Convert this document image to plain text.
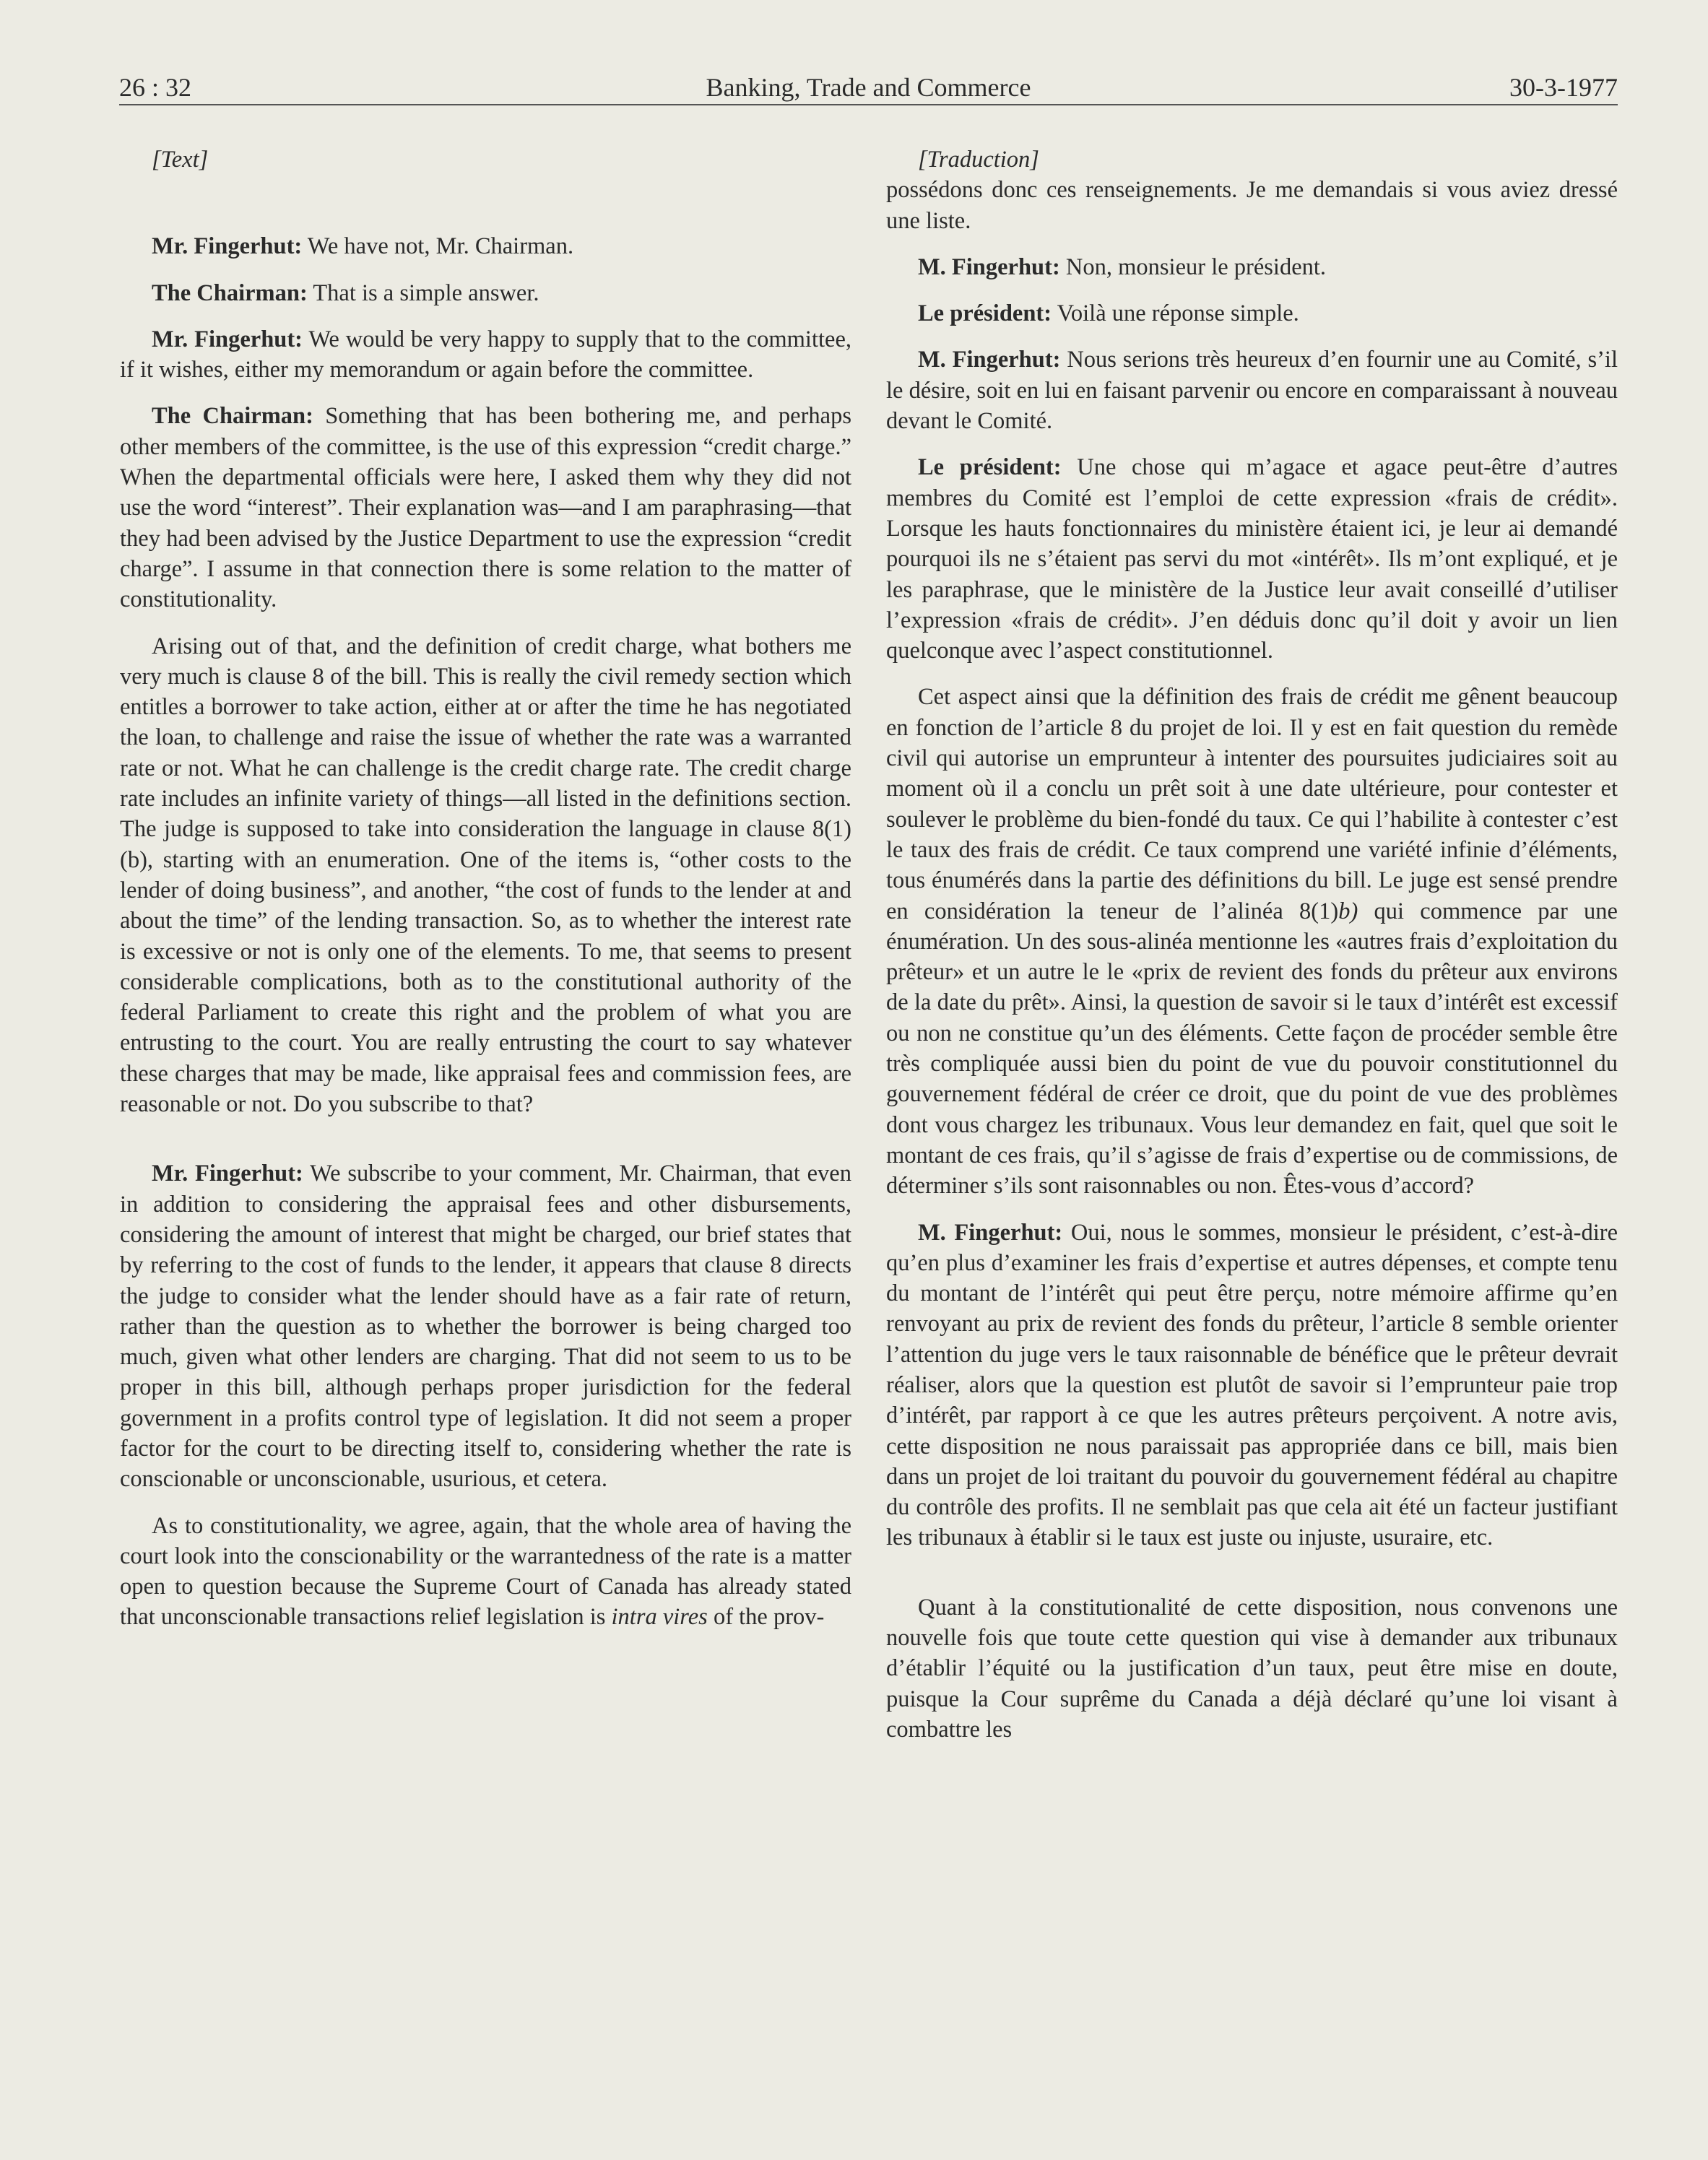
26 : 32	Banking, Trade and Commerce	30-3-1977

[Text]

Mr. Fingerhut: We have not, Mr. Chairman.

The Chairman: That is a simple answer.

Mr. Fingerhut: We would be very happy to supply that to the committee, if it wishes, either my memorandum or again before the committee.

The Chairman: Something that has been bothering me, and perhaps other members of the committee, is the use of this expression “credit charge.” When the departmental officials were here, I asked them why they did not use the word “interest”. Their explanation was—and I am paraphrasing—that they had been advised by the Justice Department to use the expression “credit charge”. I assume in that connection there is some relation to the matter of constitutionality.

Arising out of that, and the definition of credit charge, what bothers me very much is clause 8 of the bill. This is really the civil remedy section which entitles a borrower to take action, either at or after the time he has negotiated the loan, to challenge and raise the issue of whether the rate was a warranted rate or not. What he can challenge is the credit charge rate. The credit charge rate includes an infinite variety of things—all listed in the definitions section. The judge is supposed to take into consideration the language in clause 8(1)(b), starting with an enumeration. One of the items is, “other costs to the lender of doing business”, and another, “the cost of funds to the lender at and about the time” of the lending transaction. So, as to whether the interest rate is excessive or not is only one of the elements. To me, that seems to present considerable complications, both as to the constitutional authority of the federal Parliament to create this right and the problem of what you are entrusting to the court. You are really entrusting the court to say whatever these charges that may be made, like appraisal fees and commission fees, are reasonable or not. Do you subscribe to that?

Mr. Fingerhut: We subscribe to your comment, Mr. Chairman, that even in addition to considering the appraisal fees and other disbursements, considering the amount of interest that might be charged, our brief states that by referring to the cost of funds to the lender, it appears that clause 8 directs the judge to consider what the lender should have as a fair rate of return, rather than the question as to whether the borrower is being charged too much, given what other lenders are charging. That did not seem to us to be proper in this bill, although perhaps proper jurisdiction for the federal government in a profits control type of legislation. It did not seem a proper factor for the court to be directing itself to, considering whether the rate is conscionable or unconscionable, usurious, et cetera.

As to constitutionality, we agree, again, that the whole area of having the court look into the conscionability or the warrantedness of the rate is a matter open to question because the Supreme Court of Canada has already stated that unconscionable transactions relief legislation is intra vires of the prov-

[Traduction]

possédons donc ces renseignements. Je me demandais si vous aviez dressé une liste.

M. Fingerhut: Non, monsieur le président.

Le président: Voilà une réponse simple.

M. Fingerhut: Nous serions très heureux d’en fournir une au Comité, s’il le désire, soit en lui en faisant parvenir ou encore en comparaissant à nouveau devant le Comité.

Le président: Une chose qui m’agace et agace peut-être d’autres membres du Comité est l’emploi de cette expression «frais de crédit». Lorsque les hauts fonctionnaires du ministère étaient ici, je leur ai demandé pourquoi ils ne s’étaient pas servi du mot «intérêt». Ils m’ont expliqué, et je les paraphrase, que le ministère de la Justice leur avait conseillé d’utiliser l’expression «frais de crédit». J’en déduis donc qu’il doit y avoir un lien quelconque avec l’aspect constitutionnel.

Cet aspect ainsi que la définition des frais de crédit me gênent beaucoup en fonction de l’article 8 du projet de loi. Il y est en fait question du remède civil qui autorise un emprunteur à intenter des poursuites judiciaires soit au moment où il a conclu un prêt soit à une date ultérieure, pour contester et soulever le problème du bien-fondé du taux. Ce qui l’habilite à contester c’est le taux des frais de crédit. Ce taux comprend une variété infinie d’éléments, tous énumérés dans la partie des définitions du bill. Le juge est sensé prendre en considération la teneur de l’alinéa 8(1)b) qui commence par une énumération. Un des sous-alinéa mentionne les «autres frais d’exploitation du prêteur» et un autre le le «prix de revient des fonds du prêteur aux environs de la date du prêt». Ainsi, la question de savoir si le taux d’intérêt est excessif ou non ne constitue qu’un des éléments. Cette façon de procéder semble être très compliquée aussi bien du point de vue du pouvoir constitutionnel du gouvernement fédéral de créer ce droit, que du point de vue des problèmes dont vous chargez les tribunaux. Vous leur demandez en fait, quel que soit le montant de ces frais, qu’il s’agisse de frais d’expertise ou de commissions, de déterminer s’ils sont raisonnables ou non. Êtes-vous d’accord?

M. Fingerhut: Oui, nous le sommes, monsieur le président, c’est-à-dire qu’en plus d’examiner les frais d’expertise et autres dépenses, et compte tenu du montant de l’intérêt qui peut être perçu, notre mémoire affirme qu’en renvoyant au prix de revient des fonds du prêteur, l’article 8 semble orienter l’attention du juge vers le taux raisonnable de bénéfice que le prêteur devrait réaliser, alors que la question est plutôt de savoir si l’emprunteur paie trop d’intérêt, par rapport à ce que les autres prêteurs perçoivent. A notre avis, cette disposition ne nous paraissait pas appropriée dans ce bill, mais bien dans un projet de loi traitant du pouvoir du gouvernement fédéral au chapitre du contrôle des profits. Il ne semblait pas que cela ait été un facteur justifiant les tribunaux à établir si le taux est juste ou injuste, usuraire, etc.

Quant à la constitutionalité de cette disposition, nous convenons une nouvelle fois que toute cette question qui vise à demander aux tribunaux d’établir l’équité ou la justification d’un taux, peut être mise en doute, puisque la Cour suprême du Canada a déjà déclaré qu’une loi visant à combattre les
